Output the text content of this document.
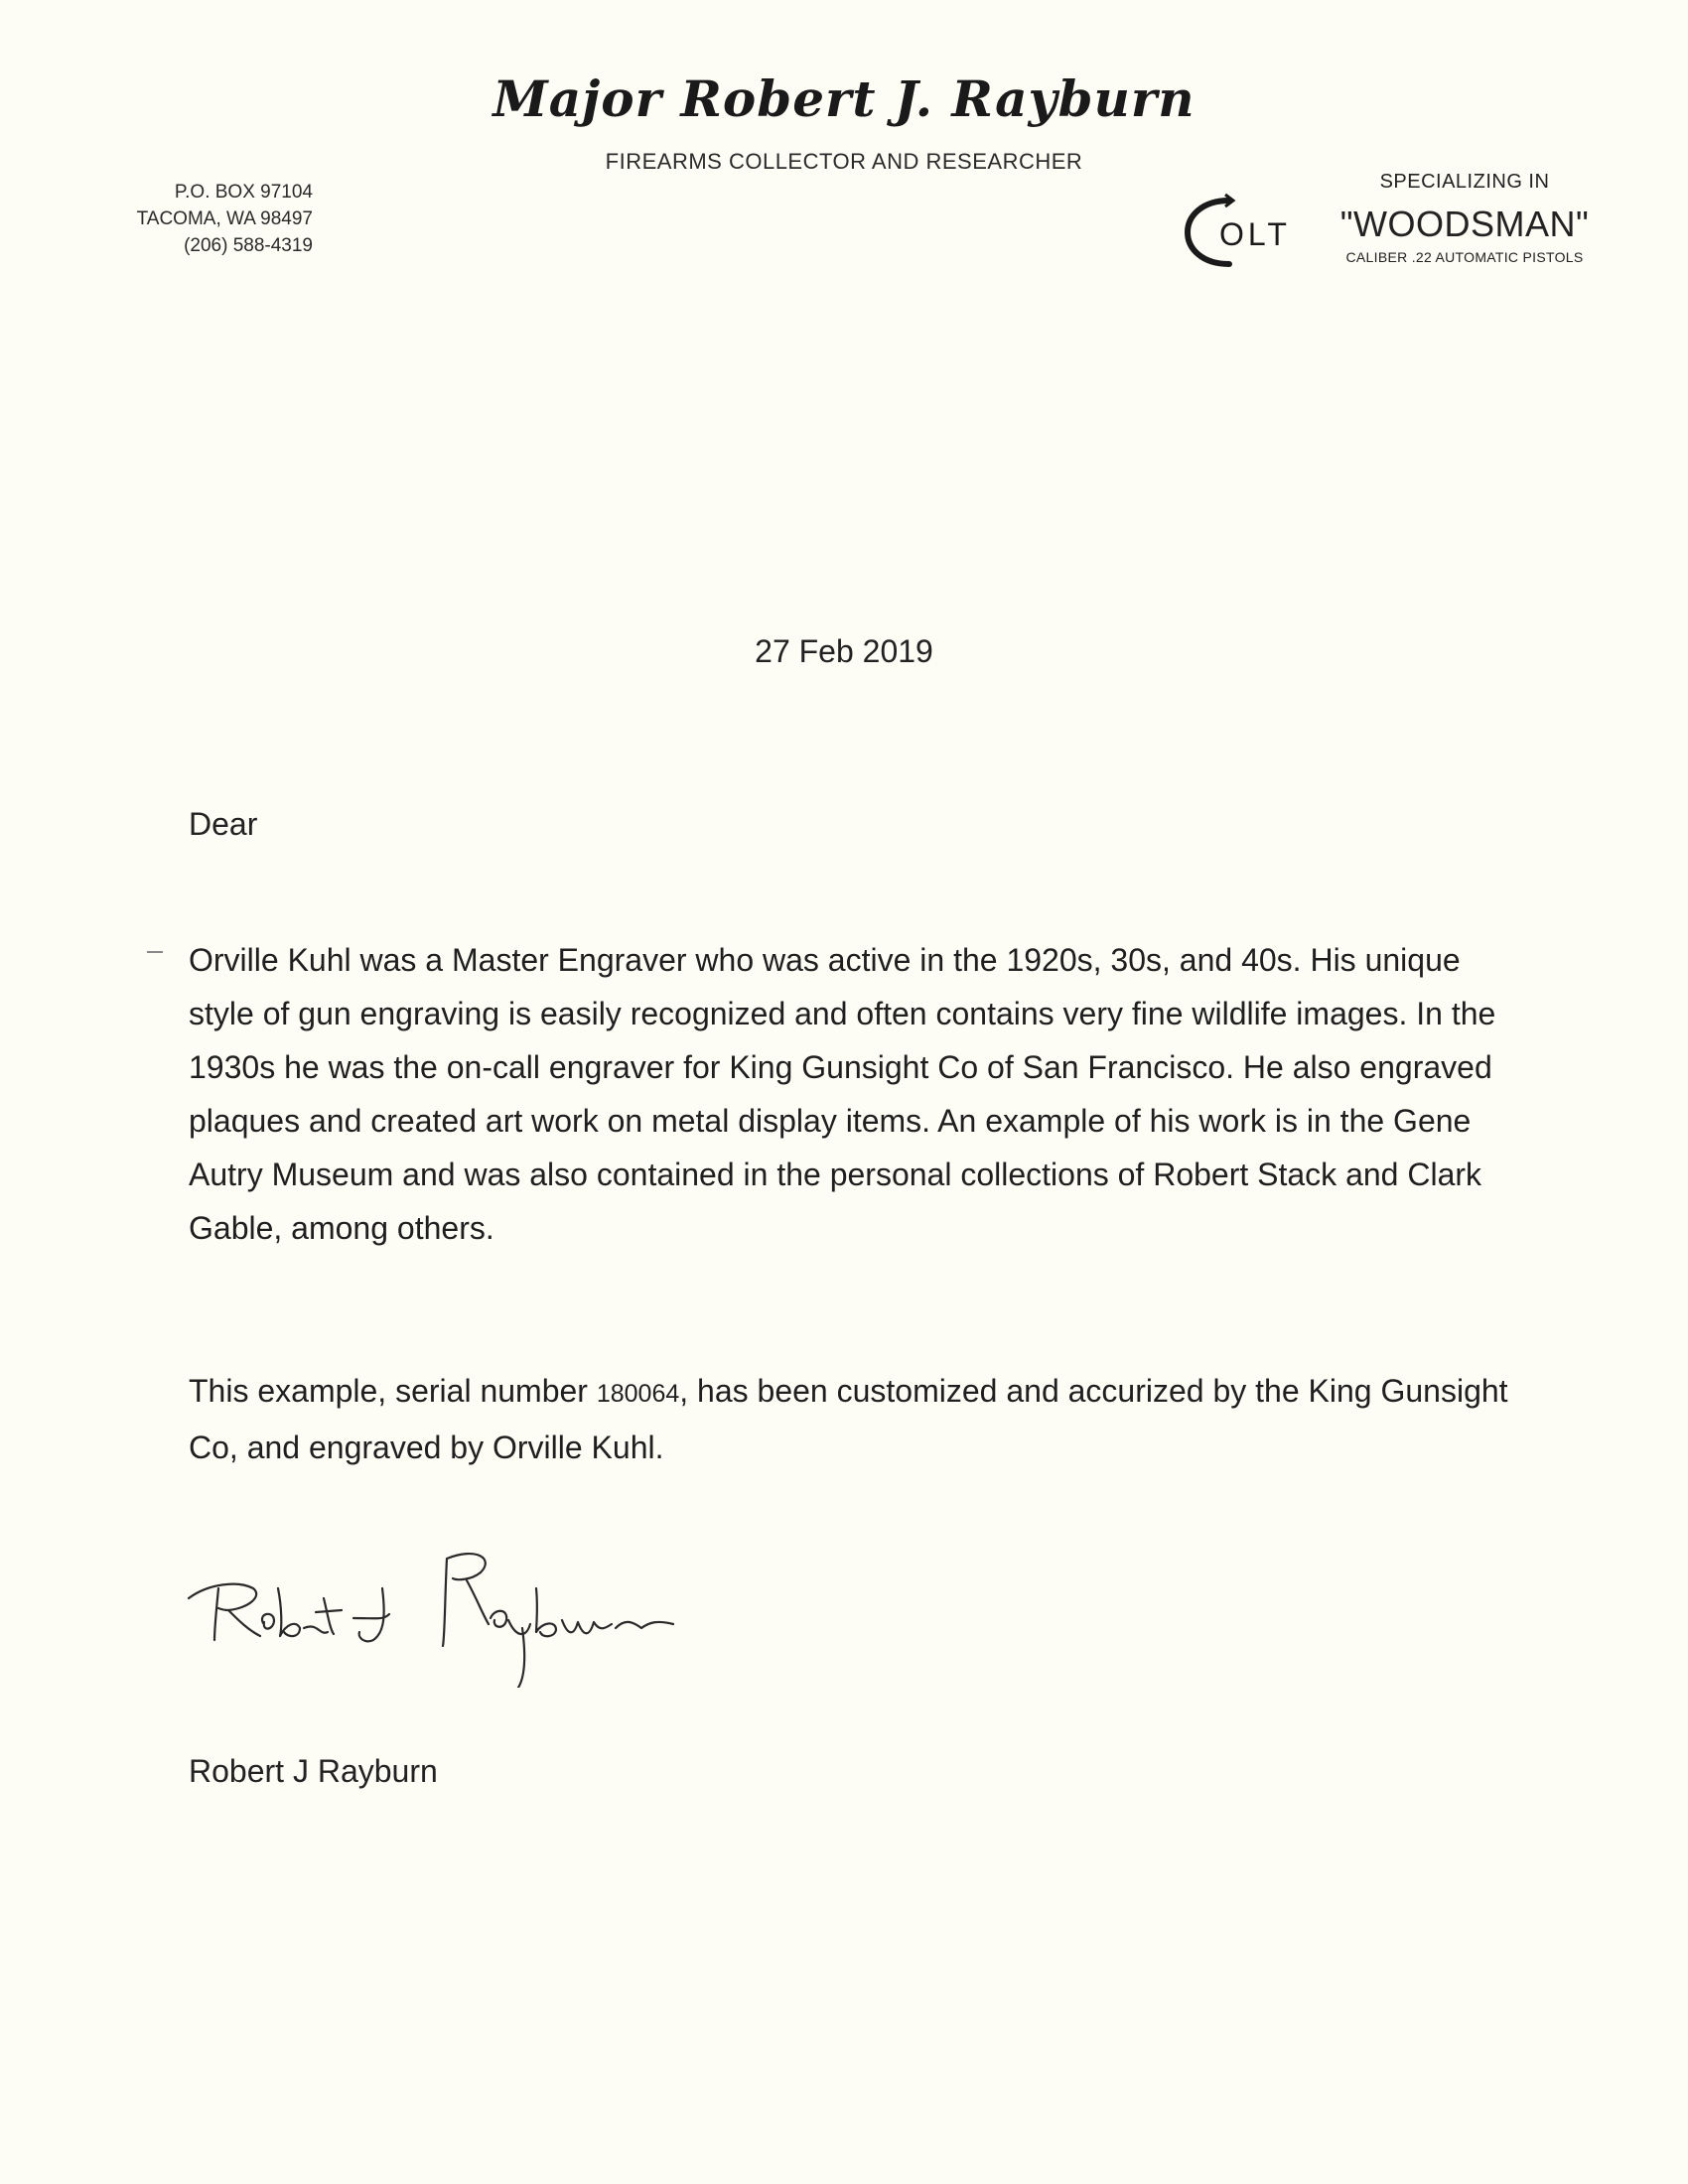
Major Robert J. Rayburn
FIREARMS COLLECTOR AND RESEARCHER
P.O. BOX 97104
TACOMA, WA 98497
(206) 588-4319	OLT
SPECIALIZING IN
"WOODSMAN"
CALIBER .22 AUTOMATIC PISTOLS
27 Feb 2019
Dear
Orville Kuhl was a Master Engraver who was active in the 1920s, 30s, and 40s. His unique style of gun engraving is easily recognized and often contains very fine wildlife images. In the 1930s he was the on-call engraver for King Gunsight Co of San Francisco. He also engraved plaques and created art work on metal display items. An example of his work is in the Gene Autry Museum and was also contained in the personal collections of Robert Stack and Clark Gable, among others.
This example, serial number 180064, has been customized and accurized by the King Gunsight Co, and engraved by Orville Kuhl.
Robert J Rayburn
